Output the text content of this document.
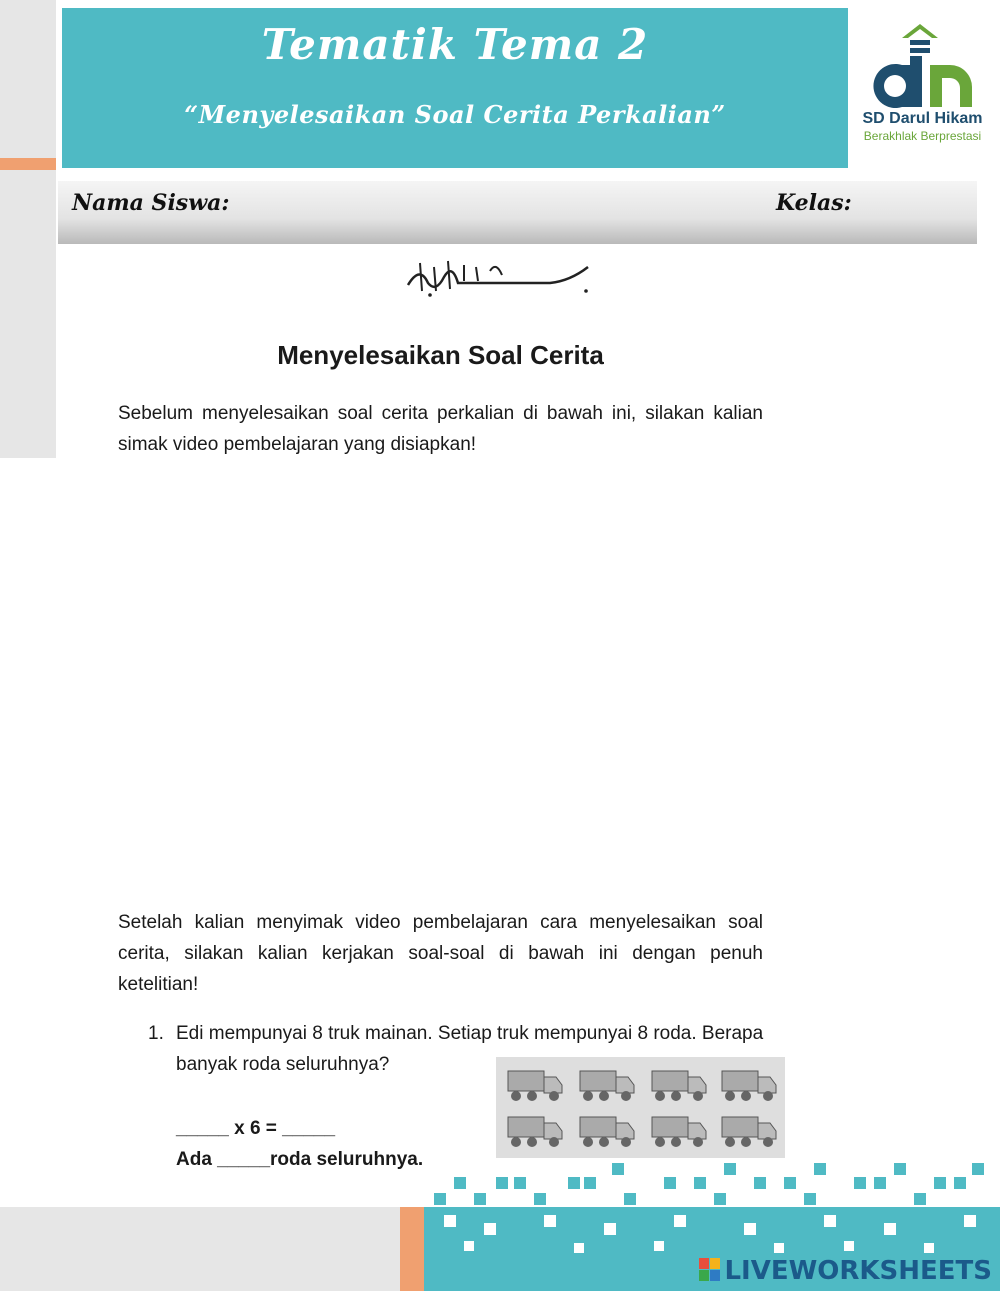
Tematik Tema 2
“Menyelesaikan Soal Cerita Perkalian”	SD Darul Hikam
Berakhlak Berprestasi
Nama Siswa:	Kelas:
Menyelesaikan Soal Cerita
Sebelum menyelesaikan soal cerita perkalian di bawah ini, silakan kalian simak video pembelajaran yang disiapkan!
Setelah kalian menyimak video pembelajaran cara menyelesaikan soal cerita, silakan kalian kerjakan soal-soal di bawah ini dengan penuh ketelitian!
1. Edi mempunyai 8 truk mainan. Setiap truk mempunyai 8 roda. Berapa banyak roda seluruhnya?
_____ x 6 = _____
Ada _____roda seluruhnya.
LIVEWORKSHEETS
